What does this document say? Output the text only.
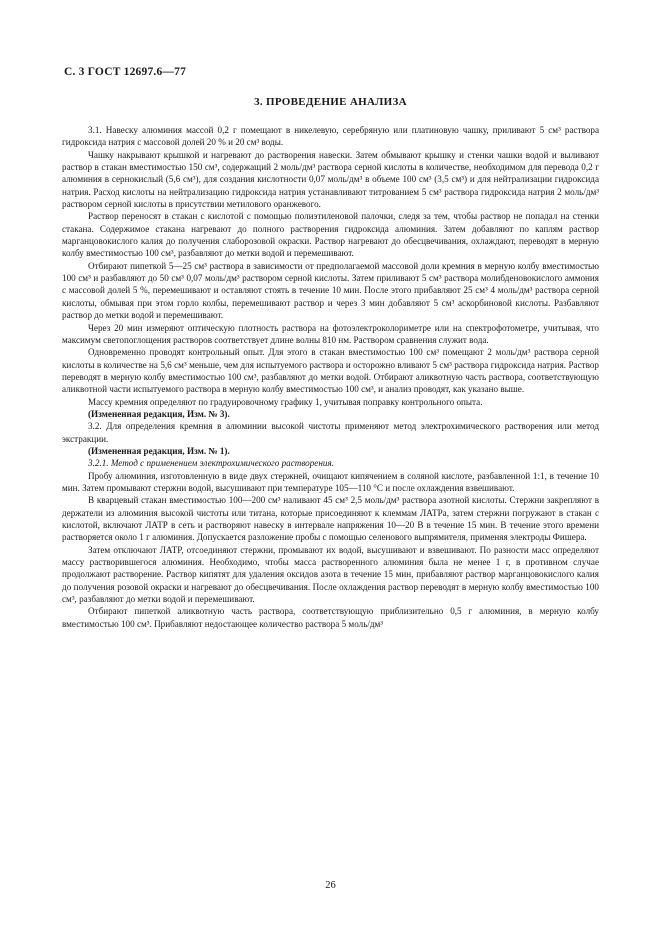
С. 3 ГОСТ 12697.6—77
3. ПРОВЕДЕНИЕ АНАЛИЗА

3.1. Навеску алюминия массой 0,2 г помещают в никелевую, серебряную или платиновую чашку, приливают 5 см³ раствора гидроксида натрия с массовой долей 20 % и 20 см³ воды.

Чашку накрывают крышкой и нагревают до растворения навески. Затем обмывают крышку и стенки чашки водой и выливают раствор в стакан вместимостью 150 см³, содержащий 2 моль/дм³ раствора серной кислоты в количестве, необходимом для перевода 0,2 г алюминия в сернокислый (5,6 см³), для создания кислотности 0,07 моль/дм³ в объеме 100 см³ (3,5 см³) и для нейтрализации гидроксида натрия. Расход кислоты на нейтрализацию гидроксида натрия устанавливают титрованием 5 см³ раствора гидроксида натрия 2 моль/дм³ раствором серной кислоты в присутствии метилового оранжевого.

Раствор переносят в стакан с кислотой с помощью полиэтиленовой палочки, следя за тем, чтобы раствор не попадал на стенки стакана. Содержимое стакана нагревают до полного растворения гидроксида алюминия. Затем добавляют по каплям раствор марганцовокислого калия до получения слаборозовой окраски. Раствор нагревают до обесцвечивания, охлаждают, переводят в мерную колбу вместимостью 100 см³, разбавляют до метки водой и перемешивают.

Отбирают пипеткой 5—25 см³ раствора в зависимости от предполагаемой массовой доли кремния в мерную колбу вместимостью 100 см³ и разбавляют до 50 см³ 0,07 моль/дм³ раствором серной кислоты. Затем приливают 5 см³ раствора молибденовокислого аммония с массовой долей 5 %, перемешивают и оставляют стоять в течение 10 мин. После этого прибавляют 25 см³ 4 моль/дм³ раствора серной кислоты, обмывая при этом горло колбы, перемешивают раствор и через 3 мин добавляют 5 см³ аскорбиновой кислоты. Разбавляют раствор до метки водой и перемешивают.

Через 20 мин измеряют оптическую плотность раствора на фотоэлектроколориметре или на спектрофотометре, учитывая, что максимум светопоглощения растворов соответствует длине волны 810 нм. Раствором сравнения служит вода.

Одновременно проводят контрольный опыт. Для этого в стакан вместимостью 100 см³ помещают 2 моль/дм³ раствора серной кислоты в количестве на 5,6 см³ меньше, чем для испытуемого раствора и осторожно вливают 5 см³ раствора гидроксида натрия. Раствор переводят в мерную колбу вместимостью 100 см³, разбавляют до метки водой. Отбирают аликвотную часть раствора, соответствующую аликвотной части испытуемого раствора в мерную колбу вместимостью 100 см³, и анализ проводят, как указано выше.

Массу кремния определяют по градуировочному графику 1, учитывая поправку контрольного опыта.

(Измененная редакция, Изм. № 3).

3.2. Для определения кремния в алюминии высокой чистоты применяют метод электрохимического растворения или метод экстракции.

(Измененная редакция, Изм. № 1).

3.2.1. Метод с применением электрохимического растворения.

Пробу алюминия, изготовленную в виде двух стержней, очищают кипячением в соляной кислоте, разбавленной 1:1, в течение 10 мин. Затем промывают стержни водой, высушивают при температуре 105—110 °С и после охлаждения взвешивают.

В кварцевый стакан вместимостью 100—200 см³ наливают 45 см³ 2,5 моль/дм³ раствора азотной кислоты. Стержни закрепляют в держатели из алюминия высокой чистоты или титана, которые присоединяют к клеммам ЛАТРа, затем стержни погружают в стакан с кислотой, включают ЛАТР в сеть и растворяют навеску в интервале напряжения 10—20 В в течение 15 мин. В течение этого времени растворяется около 1 г алюминия. Допускается разложение пробы с помощью селенового выпрямителя, применяя электроды Фишера.

Затем отключают ЛАТР, отсоединяют стержни, промывают их водой, высушивают и взвешивают. По разности масс определяют массу растворившегося алюминия. Необходимо, чтобы масса растворенного алюминия была не менее 1 г, в противном случае продолжают растворение. Раствор кипятят для удаления оксидов азота в течение 15 мин, прибавляют раствор марганцовокислого калия до получения розовой окраски и нагревают до обесцвечивания. После охлаждения раствор переводят в мерную колбу вместимостью 100 см³, разбавляют до метки водой и перемешивают.

Отбирают пипеткой аликвотную часть раствора, соответствующую приблизительно 0,5 г алюминия, в мерную колбу вместимостью 100 см³. Прибавляют недостающее количество раствора 5 моль/дм³

26
